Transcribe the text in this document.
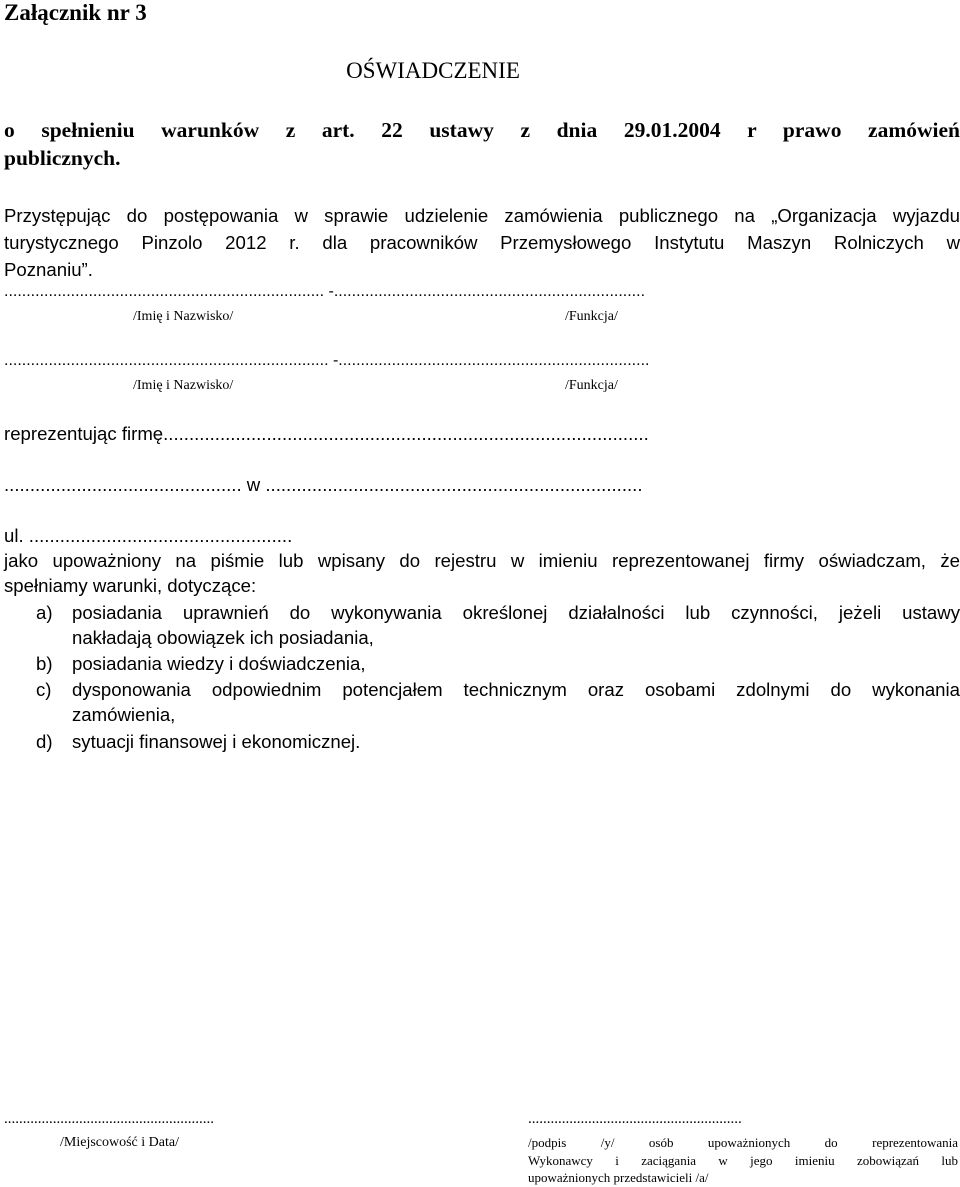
Załącznik nr 3
OŚWIADCZENIE
o spełnieniu warunków z art. 22 ustawy z dnia 29.01.2004 r prawo zamówień
publicznych.
Przystępując do postępowania w sprawie udzielenie zamówienia publicznego na „Organizacja wyjazdu
turystycznego Pinzolo 2012 r. dla pracowników Przemysłowego Instytutu Maszyn Rolniczych w
Poznaniu”.
........................................................................ -......................................................................
/Imię i Nazwisko/	/Funkcja/
......................................................................... -......................................................................
/Imię i Nazwisko/	/Funkcja/
reprezentując firmę..............................................................................................
.............................................. w .........................................................................
ul. ...................................................
jako upoważniony na piśmie lub wpisany do rejestru w imieniu reprezentowanej firmy oświadczam, że
spełniamy warunki, dotyczące:
a) posiadania uprawnień do wykonywania określonej działalności lub czynności, jeżeli ustawy
nakładają obowiązek ich posiadania,
b) posiadania wiedzy i doświadczenia,
c) dysponowania odpowiednim potencjałem technicznym oraz osobami zdolnymi do wykonania
zamówienia,
d) sytuacji finansowej i ekonomicznej.
........................................................
/Miejscowość i Data/
.........................................................
/podpis /y/ osób upoważnionych do reprezentowania
Wykonawcy i zaciągania w jego imieniu zobowiązań lub
upoważnionych przedstawicieli /a/
